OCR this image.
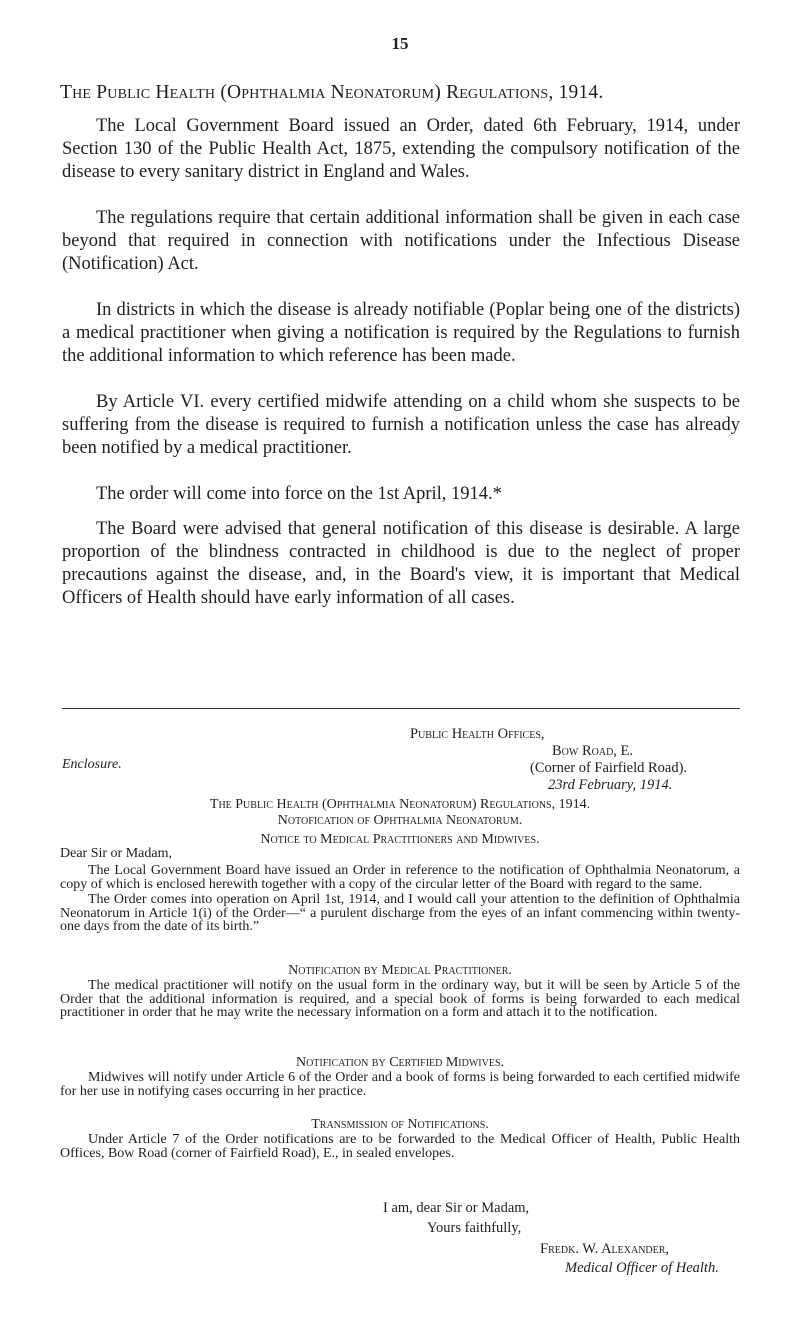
15
The Public Health (Ophthalmia Neonatorum) Regulations, 1914.

The Local Government Board issued an Order, dated 6th February, 1914, under Section 130 of the Public Health Act, 1875, extending the compulsory notification of the disease to every sanitary district in England and Wales.

The regulations require that certain additional information shall be given in each case beyond that required in connection with notifications under the Infectious Disease (Notification) Act.

In districts in which the disease is already notifiable (Poplar being one of the districts) a medical practitioner when giving a notification is required by the Regulations to furnish the additional information to which reference has been made.

By Article VI. every certified midwife attending on a child whom she suspects to be suffering from the disease is required to furnish a notification unless the case has already been notified by a medical practitioner.

The order will come into force on the 1st April, 1914.*

The Board were advised that general notification of this disease is desirable. A large proportion of the blindness contracted in childhood is due to the neglect of proper precautions against the disease, and, in the Board's view, it is important that Medical Officers of Health should have early information of all cases.

Enclosure.
Public Health Offices,
Bow Road, E.
(Corner of Fairfield Road).
23rd February, 1914.
The Public Health (Ophthalmia Neonatorum) Regulations, 1914.
Notofication of Ophthalmia Neonatorum.
Notice to Medical Practitioners and Midwives.
Dear Sir or Madam,

The Local Government Board have issued an Order in reference to the notification of Ophthalmia Neonatorum, a copy of which is enclosed herewith together with a copy of the circular letter of the Board with regard to the same.

The Order comes into operation on April 1st, 1914, and I would call your attention to the definition of Ophthalmia Neonatorum in Article 1(i) of the Order—“ a purulent discharge from the eyes of an infant commencing within twenty-one days from the date of its birth.”

Notification by Medical Practitioner.

The medical practitioner will notify on the usual form in the ordinary way, but it will be seen by Article 5 of the Order that the additional information is required, and a special book of forms is being forwarded to each medical practitioner in order that he may write the necessary information on a form and attach it to the notification.

Notification by Certified Midwives.

Midwives will notify under Article 6 of the Order and a book of forms is being forwarded to each certified midwife for her use in notifying cases occurring in her practice.

Transmission of Notifications.

Under Article 7 of the Order notifications are to be forwarded to the Medical Officer of Health, Public Health Offices, Bow Road (corner of Fairfield Road), E., in sealed envelopes.

I am, dear Sir or Madam,
Yours faithfully,
Fredk. W. Alexander,
Medical Officer of Health.
